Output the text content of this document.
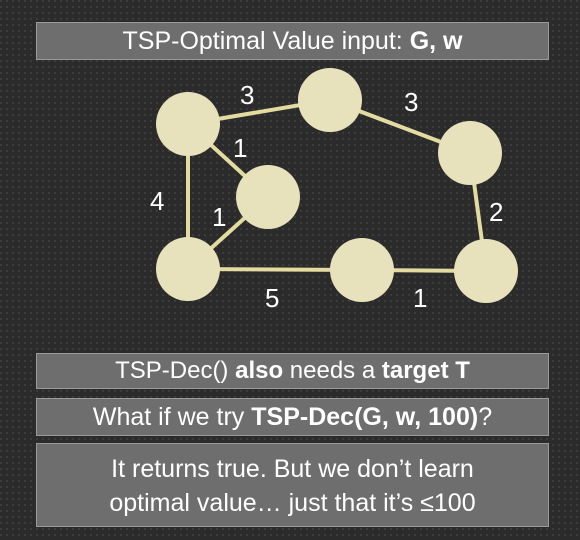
TSP-Optimal Value input: G, w
3	3
1
4
1	2
5	1
TSP-Dec() also needs a target T
What if we try TSP-Dec(G, w, 100)?
It returns true. But we don’t learn
optimal value… just that it’s ≤100
